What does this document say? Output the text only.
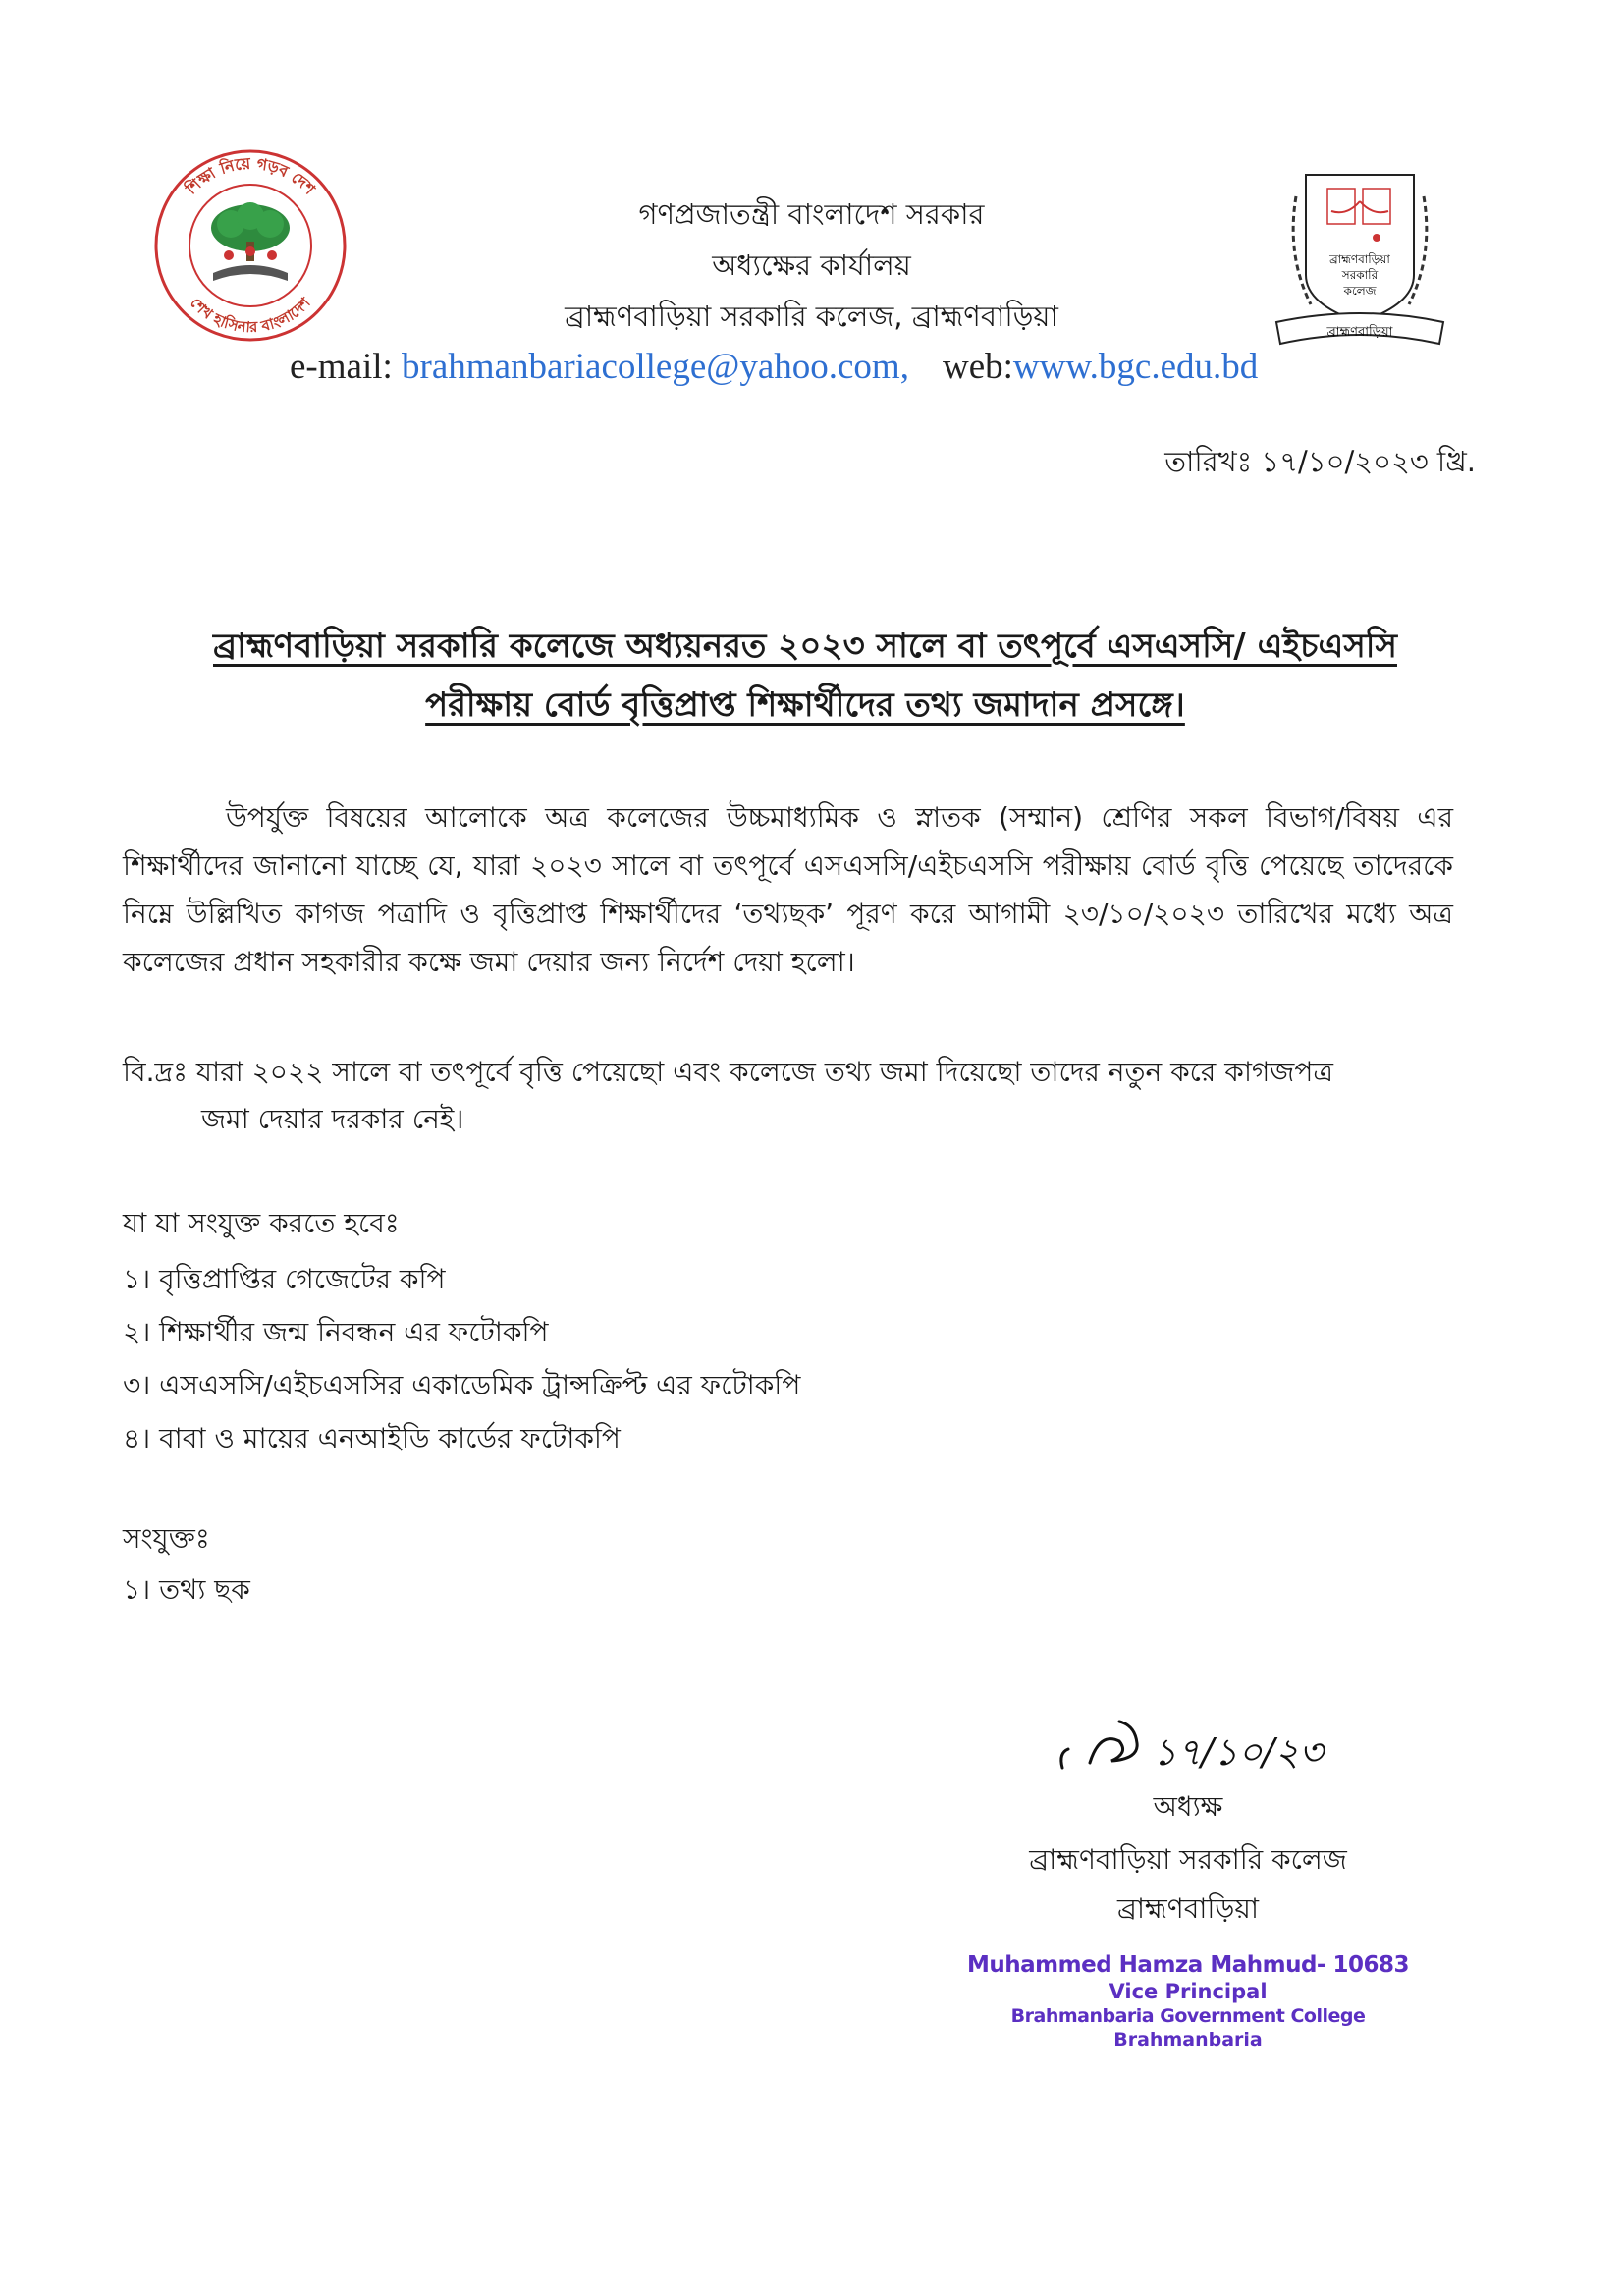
শিক্ষা নিয়ে গড়ব দেশ
শেখ হাসিনার বাংলাদেশ
ব্রাহ্মণবাড়িয়া
সরকারি
কলেজ
ব্রাহ্মণবাড়িয়া
গণপ্রজাতন্ত্রী বাংলাদেশ সরকার
অধ্যক্ষের কার্যালয়
ব্রাহ্মণবাড়িয়া সরকারি কলেজ, ব্রাহ্মণবাড়িয়া
e-mail: brahmanbariacollege@yahoo.com, web:www.bgc.edu.bd
তারিখঃ ১৭/১০/২০২৩ খ্রি.
ব্রাহ্মণবাড়িয়া সরকারি কলেজে অধ্যয়নরত ২০২৩ সালে বা তৎপূর্বে এসএসসি/ এইচএসসি
পরীক্ষায় বোর্ড বৃত্তিপ্রাপ্ত শিক্ষার্থীদের তথ্য জমাদান প্রসঙ্গে।
উপর্যুক্ত বিষয়ের আলোকে অত্র কলেজের উচ্চমাধ্যমিক ও স্নাতক (সম্মান) শ্রেণির সকল বিভাগ/বিষয় এর শিক্ষার্থীদের জানানো যাচ্ছে যে, যারা ২০২৩ সালে বা তৎপূর্বে এসএসসি/এইচএসসি পরীক্ষায় বোর্ড বৃত্তি পেয়েছে তাদেরকে নিম্নে উল্লিখিত কাগজ পত্রাদি ও বৃত্তিপ্রাপ্ত শিক্ষার্থীদের ‘তথ্যছক’ পূরণ করে আগামী ২৩/১০/২০২৩ তারিখের মধ্যে অত্র কলেজের প্রধান সহকারীর কক্ষে জমা দেয়ার জন্য নির্দেশ দেয়া হলো।
বি.দ্রঃ যারা ২০২২ সালে বা তৎপূর্বে বৃত্তি পেয়েছো এবং কলেজে তথ্য জমা দিয়েছো তাদের নতুন করে কাগজপত্র
জমা দেয়ার দরকার নেই।
যা যা সংযুক্ত করতে হবেঃ
১। বৃত্তিপ্রাপ্তির গেজেটের কপি
২। শিক্ষার্থীর জন্ম নিবন্ধন এর ফটোকপি
৩। এসএসসি/এইচএসসির একাডেমিক ট্রান্সক্রিপ্ট এর ফটোকপি
৪। বাবা ও মায়ের এনআইডি কার্ডের ফটোকপি
সংযুক্তঃ
১। তথ্য ছক
১৭/১০/২৩
অধ্যক্ষ
ব্রাহ্মণবাড়িয়া সরকারি কলেজ
ব্রাহ্মণবাড়িয়া
Muhammed Hamza Mahmud- 10683
Vice Principal
Brahmanbaria Government College
Brahmanbaria
